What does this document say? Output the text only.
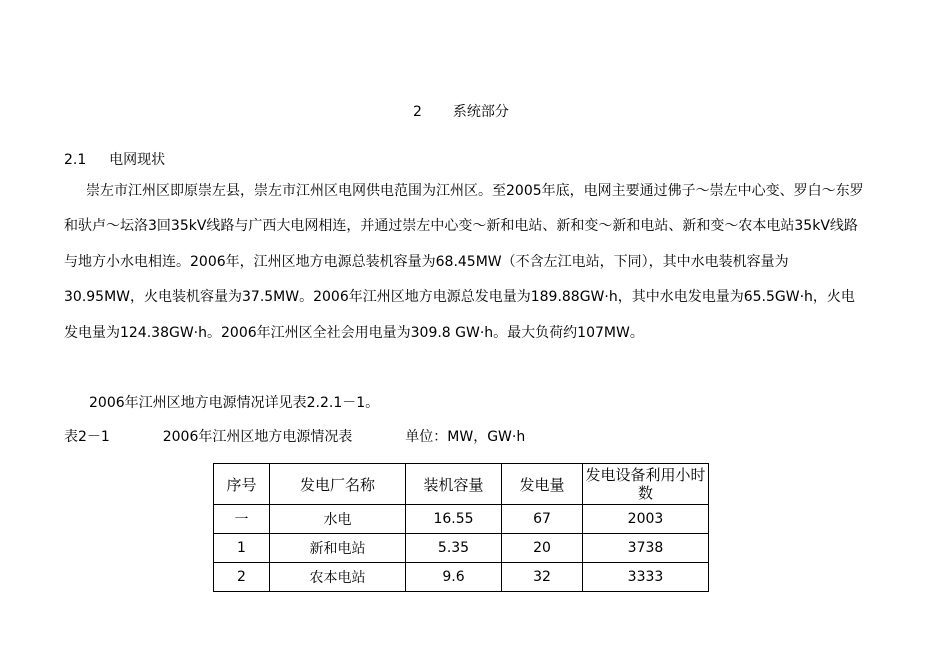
2 系统部分
2.1 电网现状

崇左市江州区即原崇左县，崇左市江州区电网供电范围为江州区。至2005年底，电网主要通过佛子～崇左中心变、罗白～东罗和驮卢～坛洛3回35kV线路与广西大电网相连，并通过崇左中心变～新和电站、新和变～新和电站、新和变～农本电站35kV线路与地方小水电相连。2006年，江州区地方电源总装机容量为68.45MW（不含左江电站，下同），其中水电装机容量为30.95MW，火电装机容量为37.5MW。2006年江州区地方电源总发电量为189.88GW·h，其中水电发电量为65.5GW·h，火电发电量为124.38GW·h。2006年江州区全社会用电量为309.8 GW·h。最大负荷约107MW。

2006年江州区地方电源情况详见表2.2.1－1。
表2－1	2006年江州区地方电源情况表	单位：MW，GW·h
序号	发电厂名称	装机容量	发电量	发电设备利用小时数
一	水电	16.55	67	2003
1	新和电站	5.35	20	3738
2	农本电站	9.6	32	3333
